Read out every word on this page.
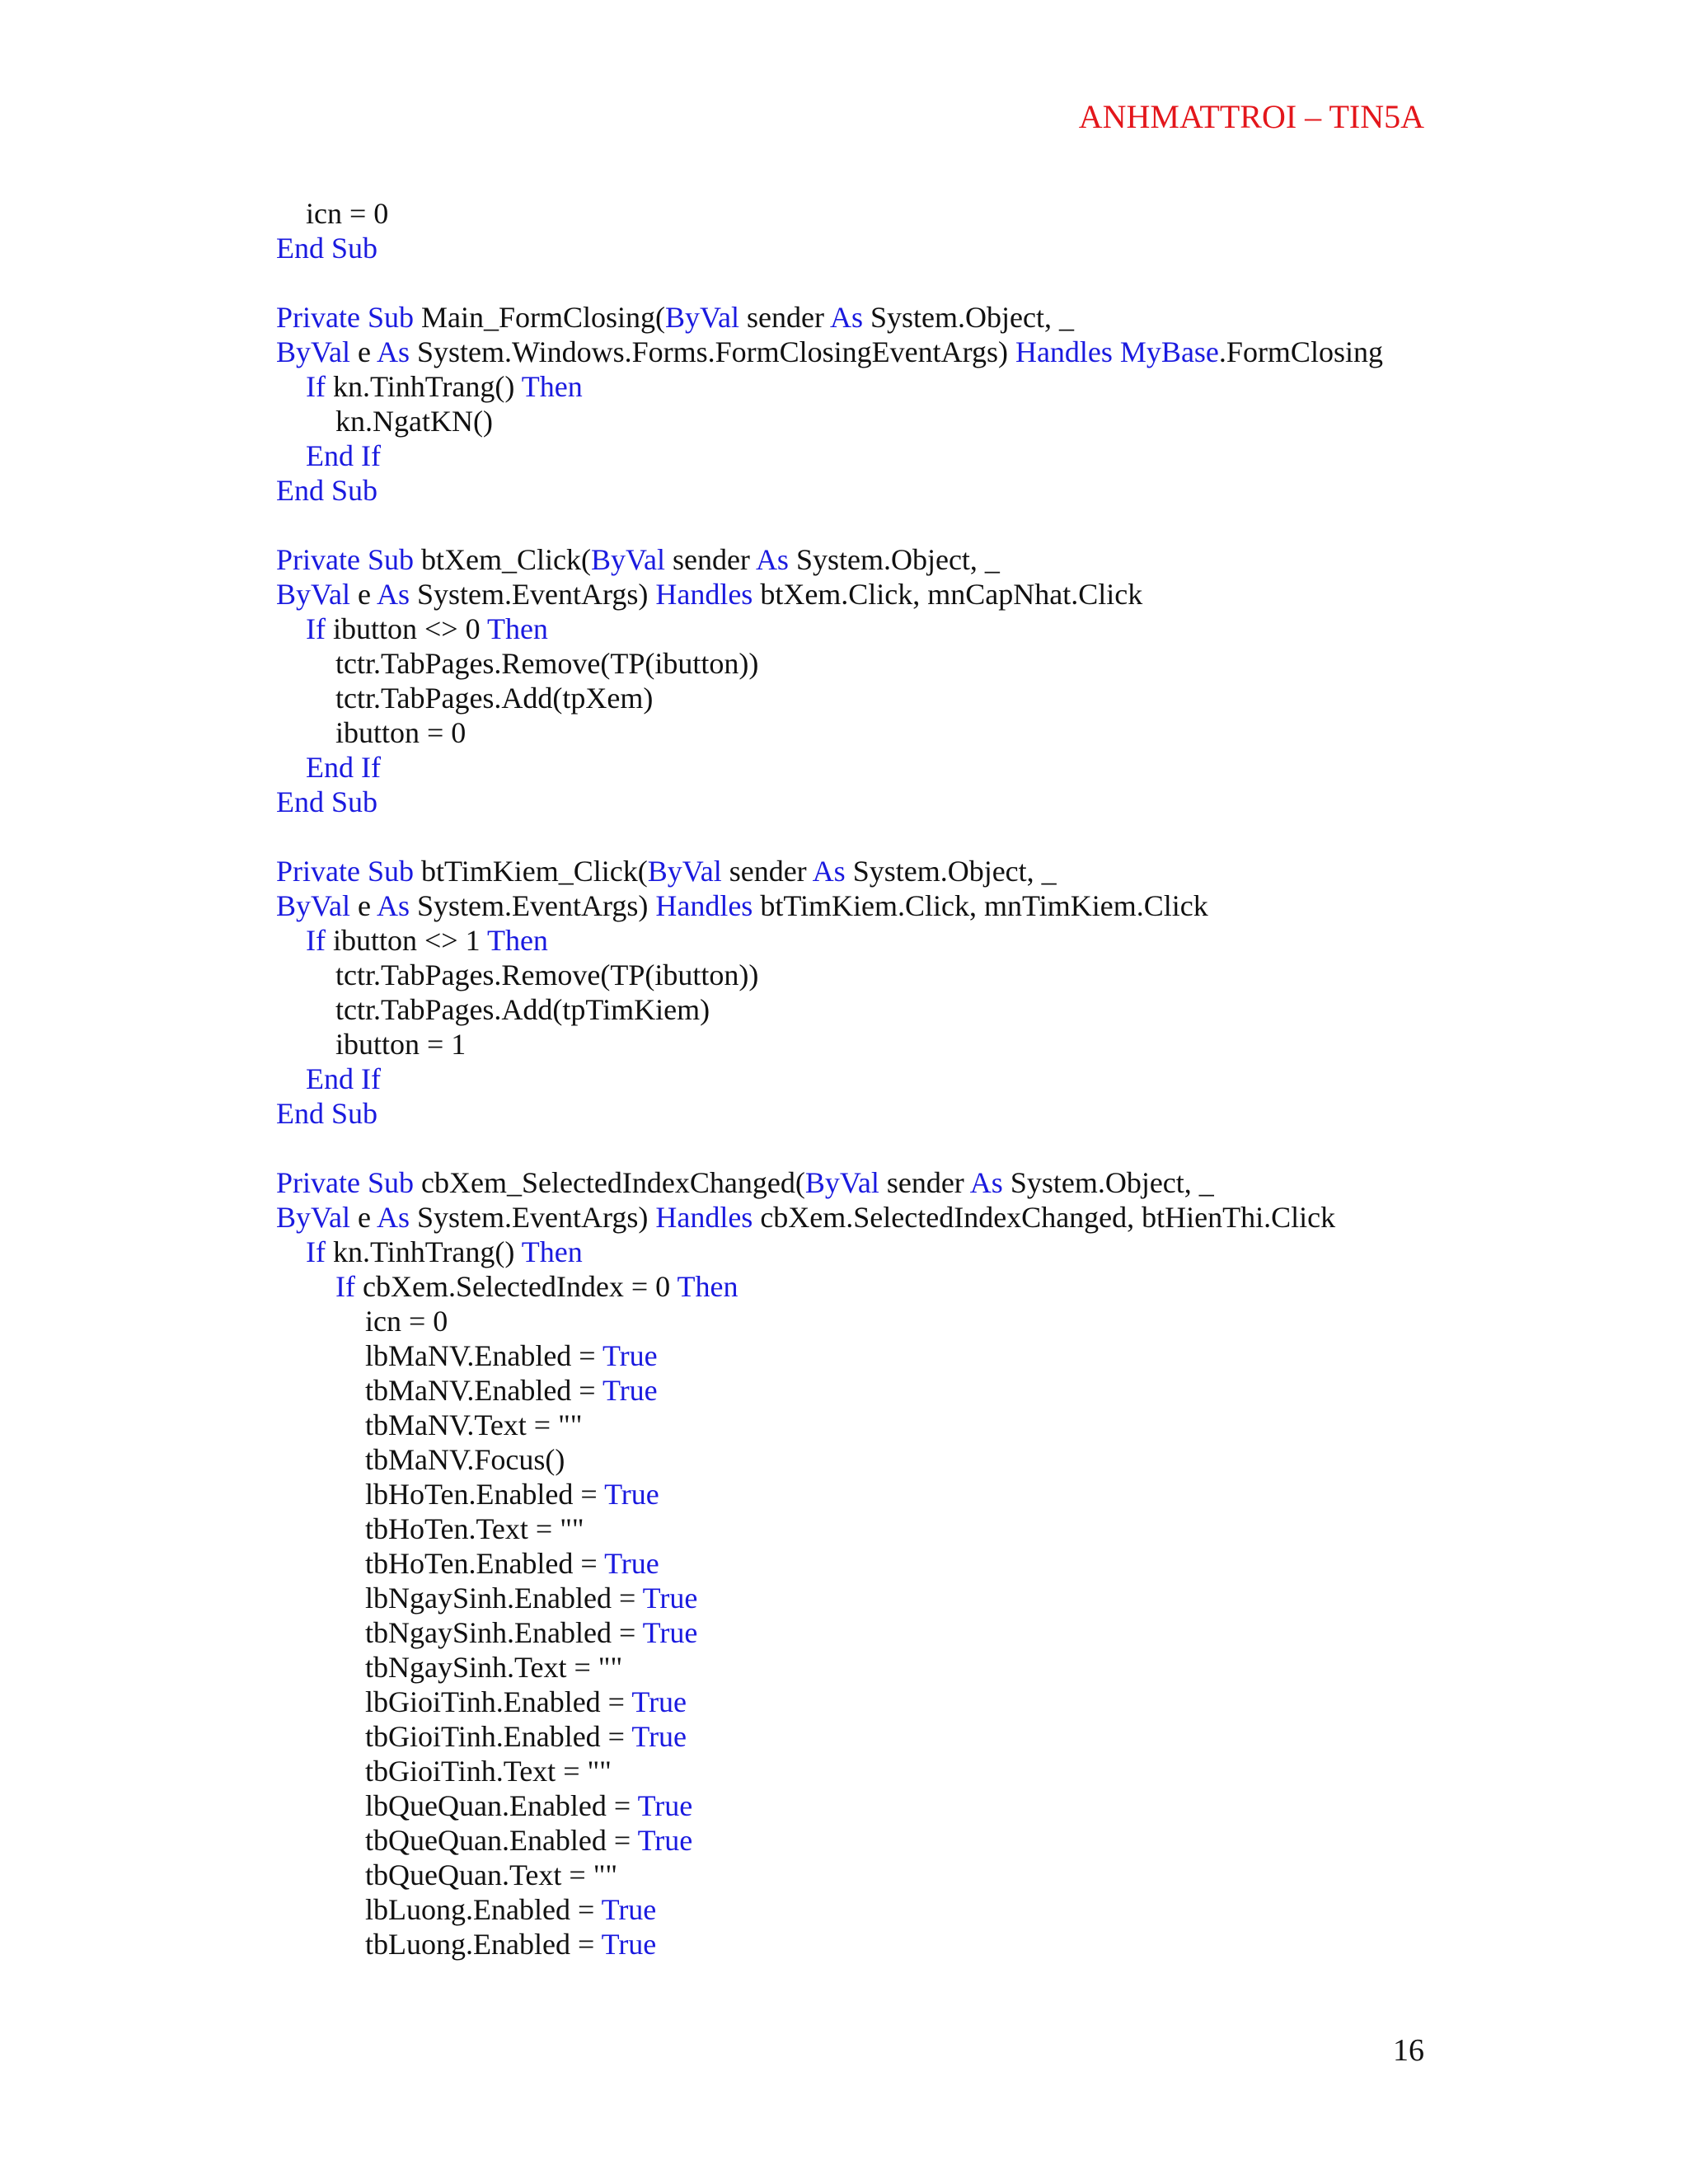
ANHMATTROI – TIN5A
icn = 0
End Sub
Private Sub Main_FormClosing(ByVal sender As System.Object, _
ByVal e As System.Windows.Forms.FormClosingEventArgs) Handles MyBase.FormClosing
If kn.TinhTrang() Then
kn.NgatKN()
End If
End Sub
Private Sub btXem_Click(ByVal sender As System.Object, _
ByVal e As System.EventArgs) Handles btXem.Click, mnCapNhat.Click
If ibutton <> 0 Then
tctr.TabPages.Remove(TP(ibutton))
tctr.TabPages.Add(tpXem)
ibutton = 0
End If
End Sub
Private Sub btTimKiem_Click(ByVal sender As System.Object, _
ByVal e As System.EventArgs) Handles btTimKiem.Click, mnTimKiem.Click
If ibutton <> 1 Then
tctr.TabPages.Remove(TP(ibutton))
tctr.TabPages.Add(tpTimKiem)
ibutton = 1
End If
End Sub
Private Sub cbXem_SelectedIndexChanged(ByVal sender As System.Object, _
ByVal e As System.EventArgs) Handles cbXem.SelectedIndexChanged, btHienThi.Click
If kn.TinhTrang() Then
If cbXem.SelectedIndex = 0 Then
icn = 0
lbMaNV.Enabled = True
tbMaNV.Enabled = True
tbMaNV.Text = ""
tbMaNV.Focus()
lbHoTen.Enabled = True
tbHoTen.Text = ""
tbHoTen.Enabled = True
lbNgaySinh.Enabled = True
tbNgaySinh.Enabled = True
tbNgaySinh.Text = ""
lbGioiTinh.Enabled = True
tbGioiTinh.Enabled = True
tbGioiTinh.Text = ""
lbQueQuan.Enabled = True
tbQueQuan.Enabled = True
tbQueQuan.Text = ""
lbLuong.Enabled = True
tbLuong.Enabled = True
16
